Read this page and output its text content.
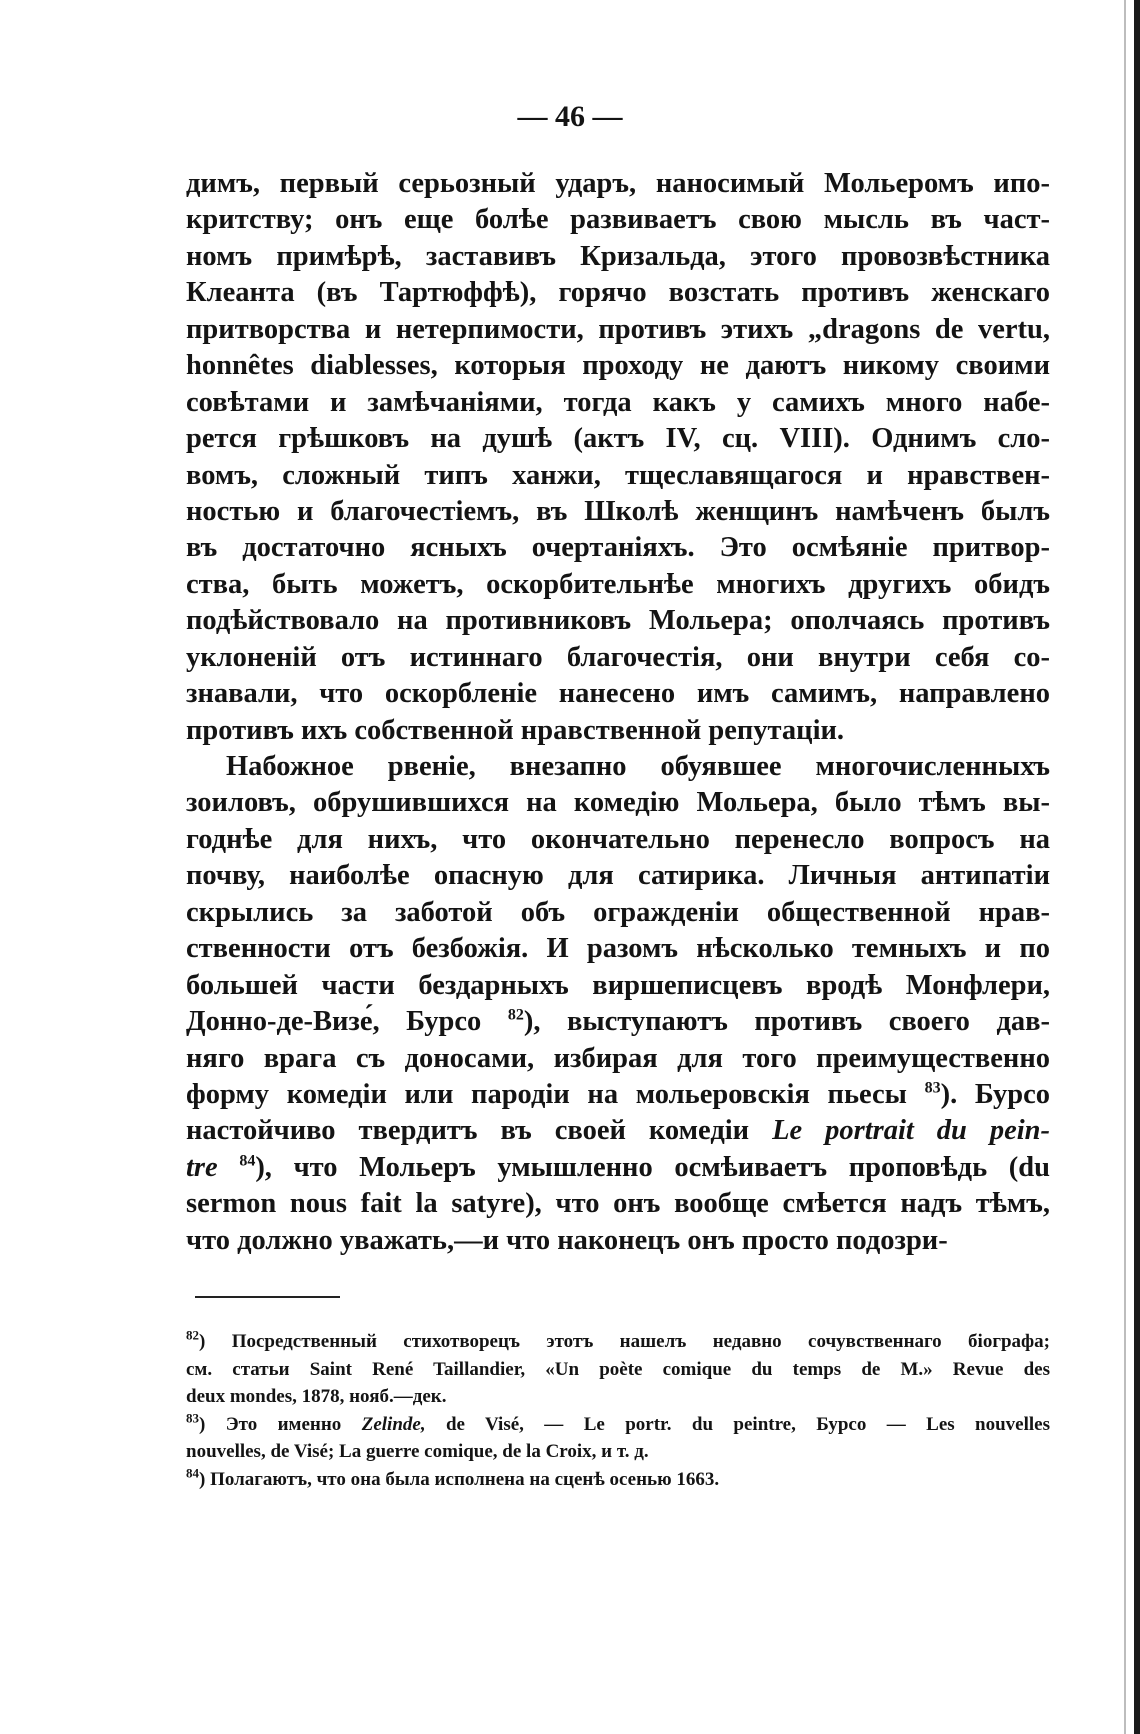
— 46 —
димъ, первый серьозный ударъ, наносимый Мольеромъ ипо-
критству; онъ еще болѣе развиваетъ свою мысль въ част-
номъ примѣрѣ, заставивъ Кризальда, этого провозвѣстника
Клеанта (въ Тартюффѣ), горячо возстать противъ женскаго
притворства и нетерпимости, противъ этихъ „dragons de vertu,
honnêtes diablesses, которыя проходу не даютъ никому своими
совѣтами и замѣчаніями, тогда какъ у самихъ много набе-
рется грѣшковъ на душѣ (актъ IV, сц. VIII). Однимъ сло-
вомъ, сложный типъ ханжи, тщеславящагося и нравствен-
ностью и благочестіемъ, въ Школѣ женщинъ намѣченъ былъ
въ достаточно ясныхъ очертаніяхъ. Это осмѣяніе притвор-
ства, быть можетъ, оскорбительнѣе многихъ другихъ обидъ
подѣйствовало на противниковъ Мольера; ополчаясь противъ
уклоненій отъ истиннаго благочестія, они внутри себя со-
знавали, что оскорбленіе нанесено имъ самимъ, направлено
противъ ихъ собственной нравственной репутаціи.
Набожное рвеніе, внезапно обуявшее многочисленныхъ
зоиловъ, обрушившихся на комедію Мольера, было тѣмъ вы-
годнѣе для нихъ, что окончательно перенесло вопросъ на
почву, наиболѣе опасную для сатирика. Личныя антипатіи
скрылись за заботой объ огражденіи общественной нрав-
ственности отъ безбожія. И разомъ нѣсколько темныхъ и по
большей части бездарныхъ виршеписцевъ вродѣ Монфлери,
Донно-де-Визе́, Бурсо $^{82}$), выступаютъ противъ своего дав-
няго врага съ доносами, избирая для того преимущественно
форму комедіи или пародіи на мольеровскія пьесы $^{83}$). Бурсо
настойчиво твердитъ въ своей комедіи Le portrait du pein-
tre $^{84}$), что Мольеръ умышленно осмѣиваетъ проповѣдь (du
sermon nous fait la satyre), что онъ вообще смѣется надъ тѣмъ,
что должно уважать,—и что наконецъ онъ просто подозри-
$^{82}$) Посредственный стихотворецъ этотъ нашелъ недавно сочувственнаго біографа;
см. статьи Saint René Taillandier, «Un poète comique du temps de M.» Revue des
deux mondes, 1878, нояб.—дек.
$^{83}$) Это именно Zelinde, de Visé, — Le portr. du peintre, Бурсо — Les nouvelles
nouvelles, de Visé; La guerre comique, de la Croix, и т. д.
$^{84}$) Полагаютъ, что она была исполнена на сценѣ осенью 1663.
